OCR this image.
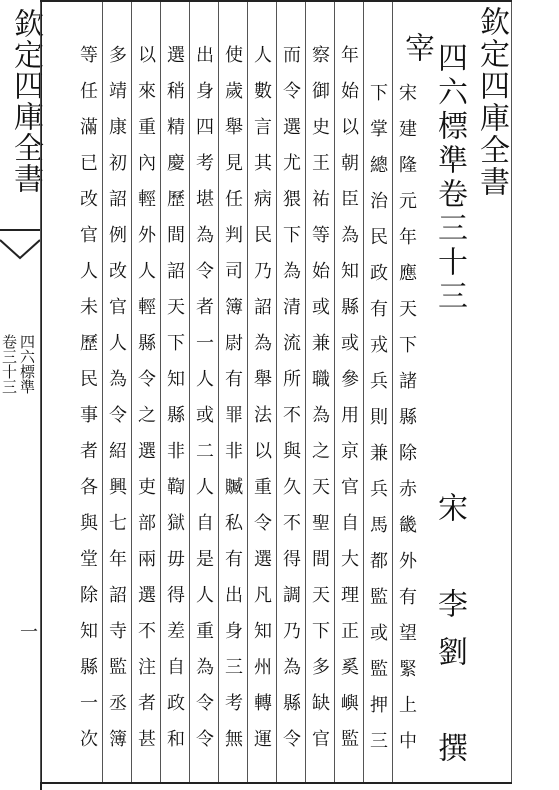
欽定四庫全書
四六標準
卷三十三
一	宋建隆元年應天下諸縣除赤畿外有望緊上中
下掌總治民政有戎兵則兼兵馬都監或監押三
年始以朝臣為知縣或參用京官自大理正奚嶼監
察御史王祐等始或兼職為之天聖間天下多缺官
而令選尤猥下為清流所不與久不得調乃為縣令
人數言其病民乃詔為舉法以重令選凡知州轉運
使歲舉見任判司簿尉有罪非贓私有出身三考無
出身四考堪為令者一人或二人自是人重為令令
選稍精慶歷間詔天下知縣非鞫獄毋得差自政和
以來重內輕外人輕縣令之選吏部兩選不注者甚	宰
四六標準卷三十三
宋　李劉　撰
欽定四庫全書
多靖康初詔例改官人為令紹興七年詔寺監丞簿
等任滿已改官人未歷民事者各與堂除知縣一次
